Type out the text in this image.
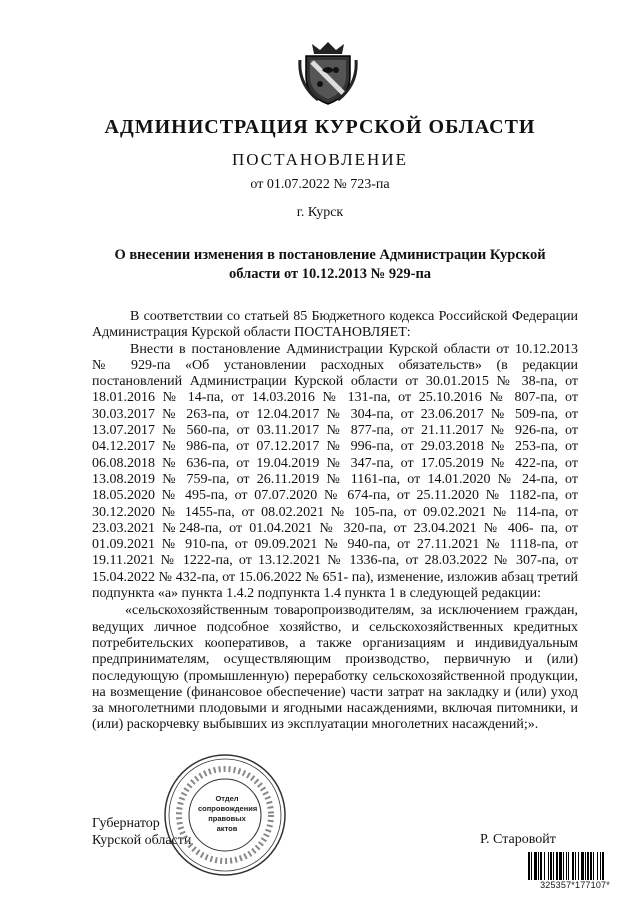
АДМИНИСТРАЦИЯ КУРСКОЙ ОБЛАСТИ
ПОСТАНОВЛЕНИЕ
от 01.07.2022 № 723-па
г. Курск
О внесении изменения в постановление Администрации Курской области от 10.12.2013 № 929-па

В соответствии со статьей 85 Бюджетного кодекса Российской Федерации Администрация Курской области ПОСТАНОВЛЯЕТ:

Внести в постановление Администрации Курской области от 10.12.2013 № 929-па «Об установлении расходных обязательств» (в редакции постановлений Администрации Курской области от 30.01.2015 № 38-па, от 18.01.2016 № 14-па, от 14.03.2016 № 131-па, от 25.10.2016 № 807-па, от 30.03.2017 № 263-па, от 12.04.2017 № 304-па, от 23.06.2017 № 509-па, от 13.07.2017 № 560-па, от 03.11.2017 № 877-па, от 21.11.2017 № 926-па, от 04.12.2017 № 986-па, от 07.12.2017 № 996-па, от 29.03.2018 № 253-па, от 06.08.2018 № 636-па, от 19.04.2019 № 347-па, от 17.05.2019 № 422-па, от 13.08.2019 № 759-па, от 26.11.2019 № 1161-па, от 14.01.2020 № 24-па, от 18.05.2020 № 495-па, от 07.07.2020 № 674-па, от 25.11.2020 № 1182-па, от 30.12.2020 № 1455-па, от 08.02.2021 № 105-па, от 09.02.2021 № 114-па, от 23.03.2021 №248-па, от 01.04.2021 № 320-па, от 23.04.2021 № 406- па, от 01.09.2021 № 910-па, от 09.09.2021 № 940-па, от 27.11.2021 № 1118-па, от 19.11.2021 № 1222-па, от 13.12.2021 № 1336-па, от 28.03.2022 № 307-па, от 15.04.2022 № 432-па, от 15.06.2022 № 651- па), изменение, изложив абзац третий подпункта «а» пункта 1.4.2 подпункта 1.4 пункта 1 в следующей редакции:

«сельскохозяйственным товаропроизводителям, за исключением граждан, ведущих личное подсобное хозяйство, и сельскохозяйственных кредитных потребительских кооперативов, а также организациям и индивидуальным предпринимателям, осуществляющим производство, первичную и (или) последующую (промышленную) переработку сельскохозяйственной продукции, на возмещение (финансовое обеспечение) части затрат на закладку и (или) уход за многолетними плодовыми и ягодными насаждениями, включая питомники, и (или) раскорчевку выбывших из эксплуатации многолетних насаждений;».

Губернатор
Курской области	Р. Старовойт
Отдел
сопровождения
правовых
актов
325357*177107*
